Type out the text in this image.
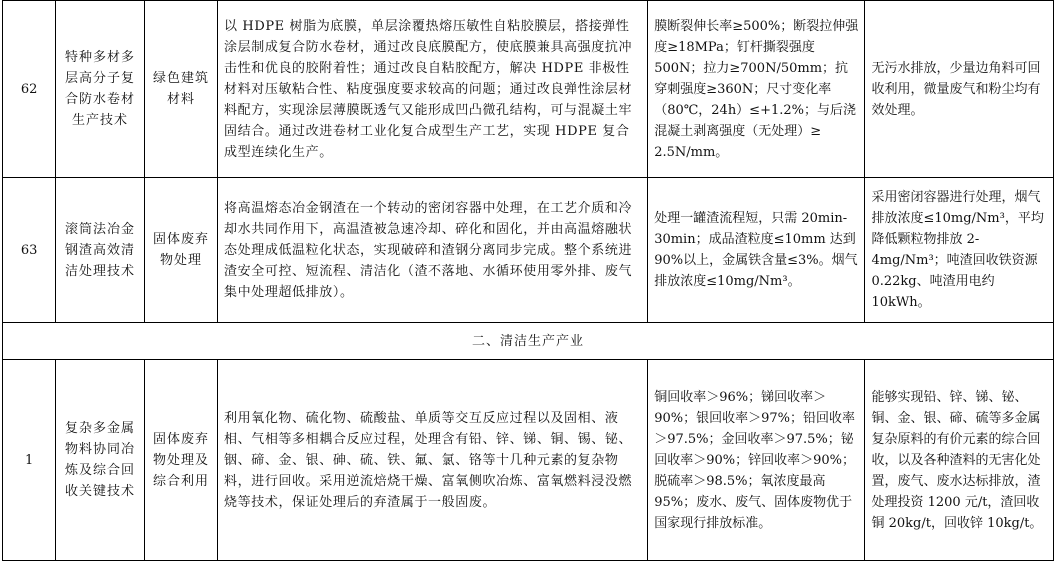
62	特种多材多层高分子复合防水卷材生产技术	绿色建筑材料	以 HDPE 树脂为底膜，单层涂覆热熔压敏性自粘胶膜层，搭接弹性涂层制成复合防水卷材，通过改良底膜配方，使底膜兼具高强度抗冲击性和优良的胶附着性；通过改良自粘胶配方，解决 HDPE 非极性材料对压敏粘合性、粘度强度要求较高的问题；通过改良弹性涂层材料配方，实现涂层薄膜既透气又能形成凹凸微孔结构，可与混凝土牢固结合。通过改进卷材工业化复合成型生产工艺，实现 HDPE 复合成型连续化生产。	膜断裂伸长率≥500%；断裂拉伸强度≥18MPa；钉杆撕裂强度 500N；拉力≥700N/50mm；抗穿刺强度≥360N；尺寸变化率（80℃，24h）≤+1.2%；与后浇混凝土剥离强度（无处理）≥ 2.5N/mm。	无污水排放，少量边角料可回收利用，微量废气和粉尘均有效处理。
63	滚筒法冶金钢渣高效清洁处理技术	固体废弃物处理	将高温熔态冶金钢渣在一个转动的密闭容器中处理，在工艺介质和冷却水共同作用下，高温渣被急速冷却、碎化和固化，并由高温熔融状态处理成低温粒化状态，实现破碎和渣钢分离同步完成。整个系统进渣安全可控、短流程、清洁化（渣不落地、水循环使用零外排、废气集中处理超低排放）。	处理一罐渣流程短，只需 20min-30min；成品渣粒度≤10mm 达到 90%以上，金属铁含量≤3%。烟气排放浓度≤10mg/Nm³。	采用密闭容器进行处理，烟气排放浓度≤10mg/Nm³，平均降低颗粒物排放 2-4mg/Nm³；吨渣回收铁资源 0.22kg、吨渣用电约 10kWh。
二、清洁生产产业					
1	复杂多金属物料协同冶炼及综合回收关键技术	固体废弃物处理及综合利用	利用氧化物、硫化物、硫酸盐、单质等交互反应过程以及固相、液相、气相等多相耦合反应过程，处理含有铅、锌、锑、铜、锡、铋、铟、碲、金、银、砷、硫、铁、氟、氯、铬等十几种元素的复杂物料，进行回收。采用逆流焙烧干燥、富氧侧吹冶炼、富氧燃料浸没燃烧等技术，保证处理后的弃渣属于一般固废。	铜回收率＞96%；锑回收率＞90%；银回收率＞97%；铅回收率＞97.5%；金回收率＞97.5%；铋回收率＞90%；锌回收率＞90%；脱硫率＞98.5%；氧浓度最高 95%；废水、废气、固体废物优于国家现行排放标准。	能够实现铅、锌、锑、铋、铜、金、银、碲、硫等多金属复杂原料的有价元素的综合回收，以及各种渣料的无害化处置，废气、废水达标排放，渣处理投资 1200 元/t，渣回收铜 20kg/t，回收锌 10kg/t。
